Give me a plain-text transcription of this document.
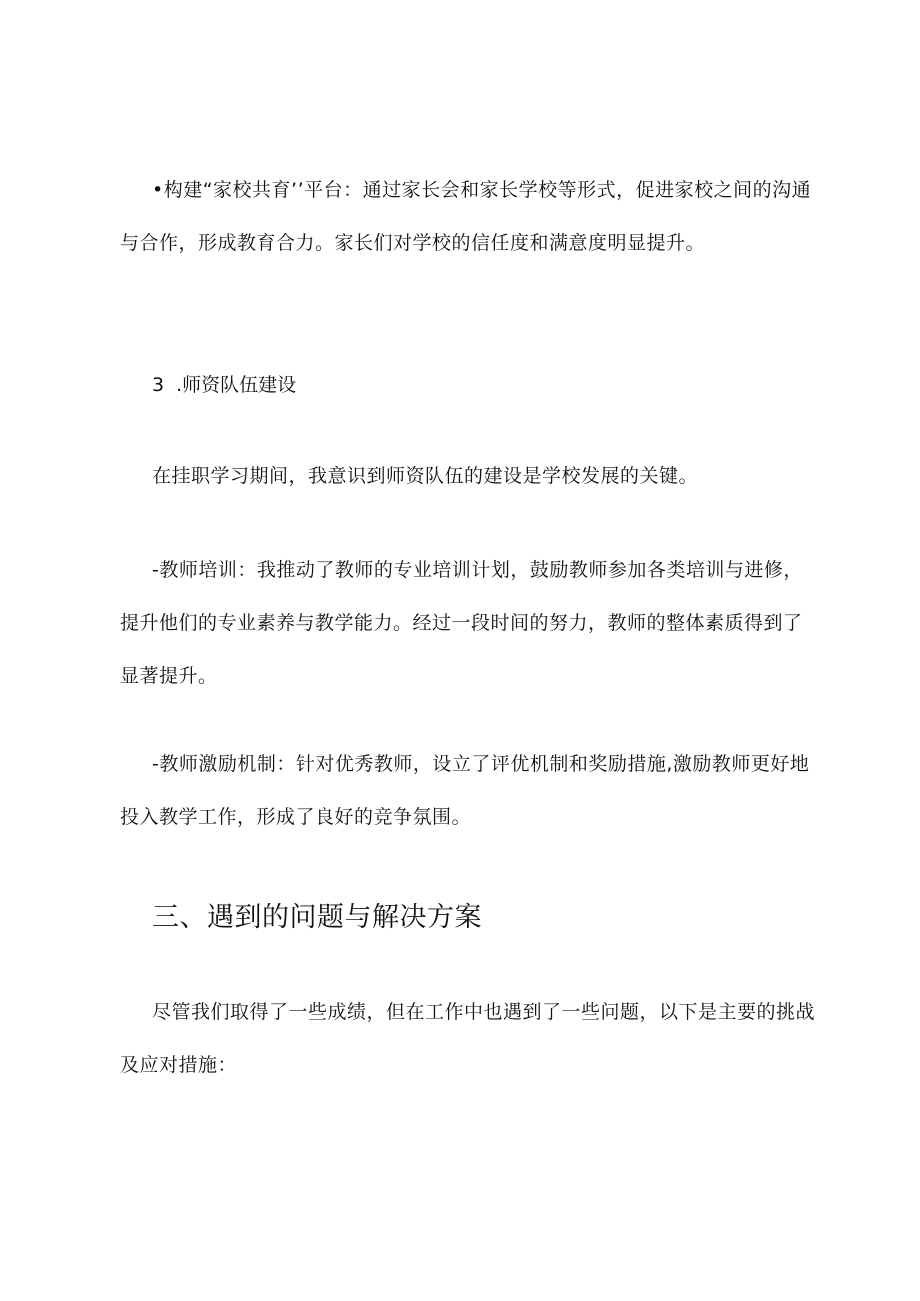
•构建“家校共育’’平台：通过家长会和家长学校等形式，促进家校之间的沟通与合作，形成教育合力。家长们对学校的信任度和满意度明显提升。

3 .师资队伍建设

在挂职学习期间，我意识到师资队伍的建设是学校发展的关键。

-教师培训：我推动了教师的专业培训计划，鼓励教师参加各类培训与进修，提升他们的专业素养与教学能力。经过一段时间的努力，教师的整体素质得到了显著提升。

-教师激励机制：针对优秀教师，设立了评优机制和奖励措施,激励教师更好地投入教学工作，形成了良好的竞争氛围。

三、遇到的问题与解决方案

尽管我们取得了一些成绩，但在工作中也遇到了一些问题，以下是主要的挑战及应对措施：
